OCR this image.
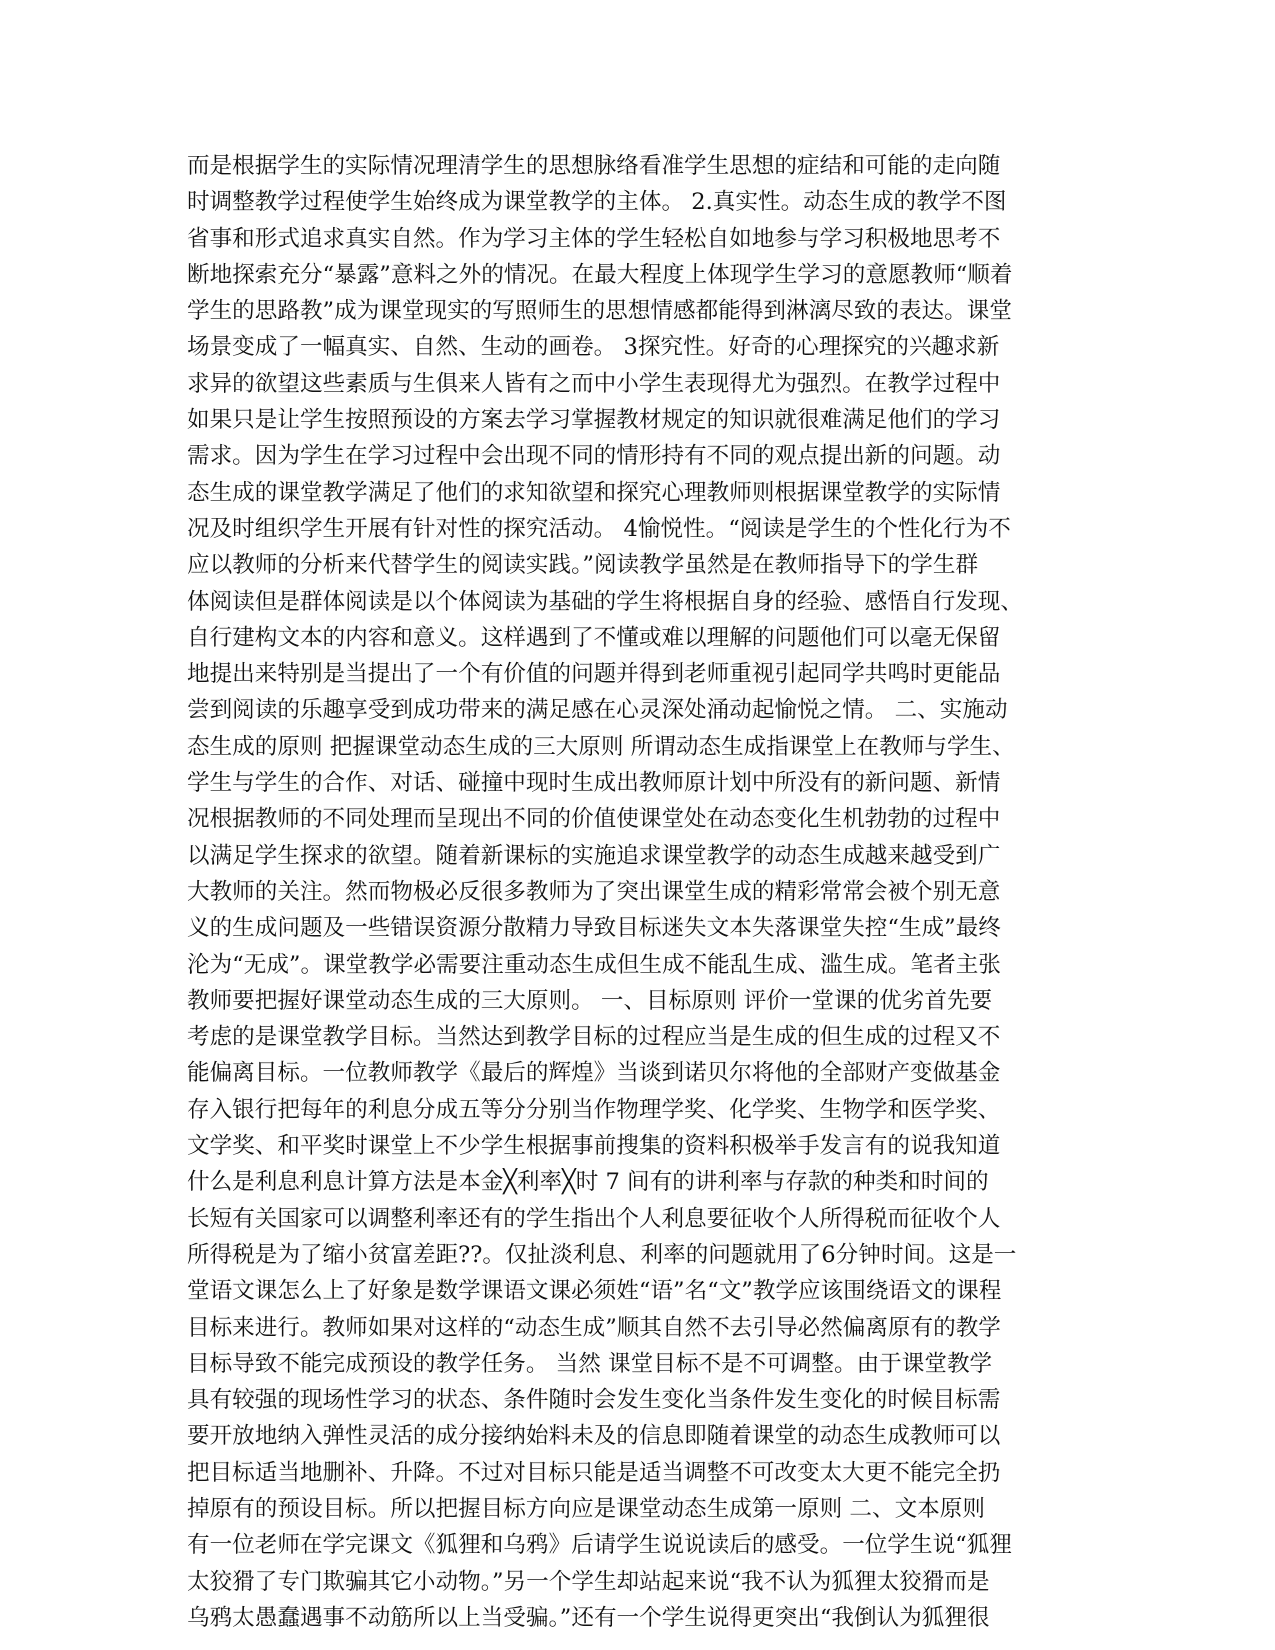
而是根据学生的实际情况理清学生的思想脉络看准学生思想的症结和可能的走向随
时调整教学过程使学生始终成为课堂教学的主体。 2.真实性。动态生成的教学不图
省事和形式追求真实自然。作为学习主体的学生轻松自如地参与学习积极地思考不
断地探索充分“暴露”意料之外的情况。在最大程度上体现学生学习的意愿教师“顺着
学生的思路教”成为课堂现实的写照师生的思想情感都能得到淋漓尽致的表达。课堂
场景变成了一幅真实、自然、生动的画卷。 3探究性。好奇的心理探究的兴趣求新
求异的欲望这些素质与生俱来人皆有之而中小学生表现得尤为强烈。在教学过程中
如果只是让学生按照预设的方案去学习掌握教材规定的知识就很难满足他们的学习
需求。因为学生在学习过程中会出现不同的情形持有不同的观点提出新的问题。动
态生成的课堂教学满足了他们的求知欲望和探究心理教师则根据课堂教学的实际情
况及时组织学生开展有针对性的探究活动。 4愉悦性。“阅读是学生的个性化行为不
应以教师的分析来代替学生的阅读实践。”阅读教学虽然是在教师指导下的学生群
体阅读但是群体阅读是以个体阅读为基础的学生将根据自身的经验、感悟自行发现、
自行建构文本的内容和意义。这样遇到了不懂或难以理解的问题他们可以毫无保留
地提出来特别是当提出了一个有价值的问题并得到老师重视引起同学共鸣时更能品
尝到阅读的乐趣享受到成功带来的满足感在心灵深处涌动起愉悦之情。 二、实施动
态生成的原则 把握课堂动态生成的三大原则 所谓动态生成指课堂上在教师与学生、
学生与学生的合作、对话、碰撞中现时生成出教师原计划中所没有的新问题、新情
况根据教师的不同处理而呈现出不同的价值使课堂处在动态变化生机勃勃的过程中
以满足学生探求的欲望。随着新课标的实施追求课堂教学的动态生成越来越受到广
大教师的关注。然而物极必反很多教师为了突出课堂生成的精彩常常会被个别无意
义的生成问题及一些错误资源分散精力导致目标迷失文本失落课堂失控“生成”最终
沦为“无成”。课堂教学必需要注重动态生成但生成不能乱生成、滥生成。笔者主张
教师要把握好课堂动态生成的三大原则。 一、目标原则 评价一堂课的优劣首先要
考虑的是课堂教学目标。当然达到教学目标的过程应当是生成的但生成的过程又不
能偏离目标。一位教师教学《最后的辉煌》当谈到诺贝尔将他的全部财产变做基金
存入银行把每年的利息分成五等分分别当作物理学奖、化学奖、生物学和医学奖、
文学奖、和平奖时课堂上不少学生根据事前搜集的资料积极举手发言有的说我知道
什么是利息利息计算方法是本金╳利率╳时 7 间有的讲利率与存款的种类和时间的
长短有关国家可以调整利率还有的学生指出个人利息要征收个人所得税而征收个人
所得税是为了缩小贫富差距??。仅扯淡利息、利率的问题就用了6分钟时间。这是一
堂语文课怎么上了好象是数学课语文课必须姓“语”名“文”教学应该围绕语文的课程
目标来进行。教师如果对这样的“动态生成”顺其自然不去引导必然偏离原有的教学
目标导致不能完成预设的教学任务。 当然 课堂目标不是不可调整。由于课堂教学
具有较强的现场性学习的状态、条件随时会发生变化当条件发生变化的时候目标需
要开放地纳入弹性灵活的成分接纳始料未及的信息即随着课堂的动态生成教师可以
把目标适当地删补、升降。不过对目标只能是适当调整不可改变太大更不能完全扔
掉原有的预设目标。所以把握目标方向应是课堂动态生成第一原则 二、文本原则
有一位老师在学完课文《狐狸和乌鸦》后请学生说说读后的感受。一位学生说“狐狸
太狡猾了专门欺骗其它小动物。”另一个学生却站起来说“我不认为狐狸太狡猾而是
乌鸦太愚蠢遇事不动筋所以上当受骗。”还有一个学生说得更突出“我倒认为狐狸很
